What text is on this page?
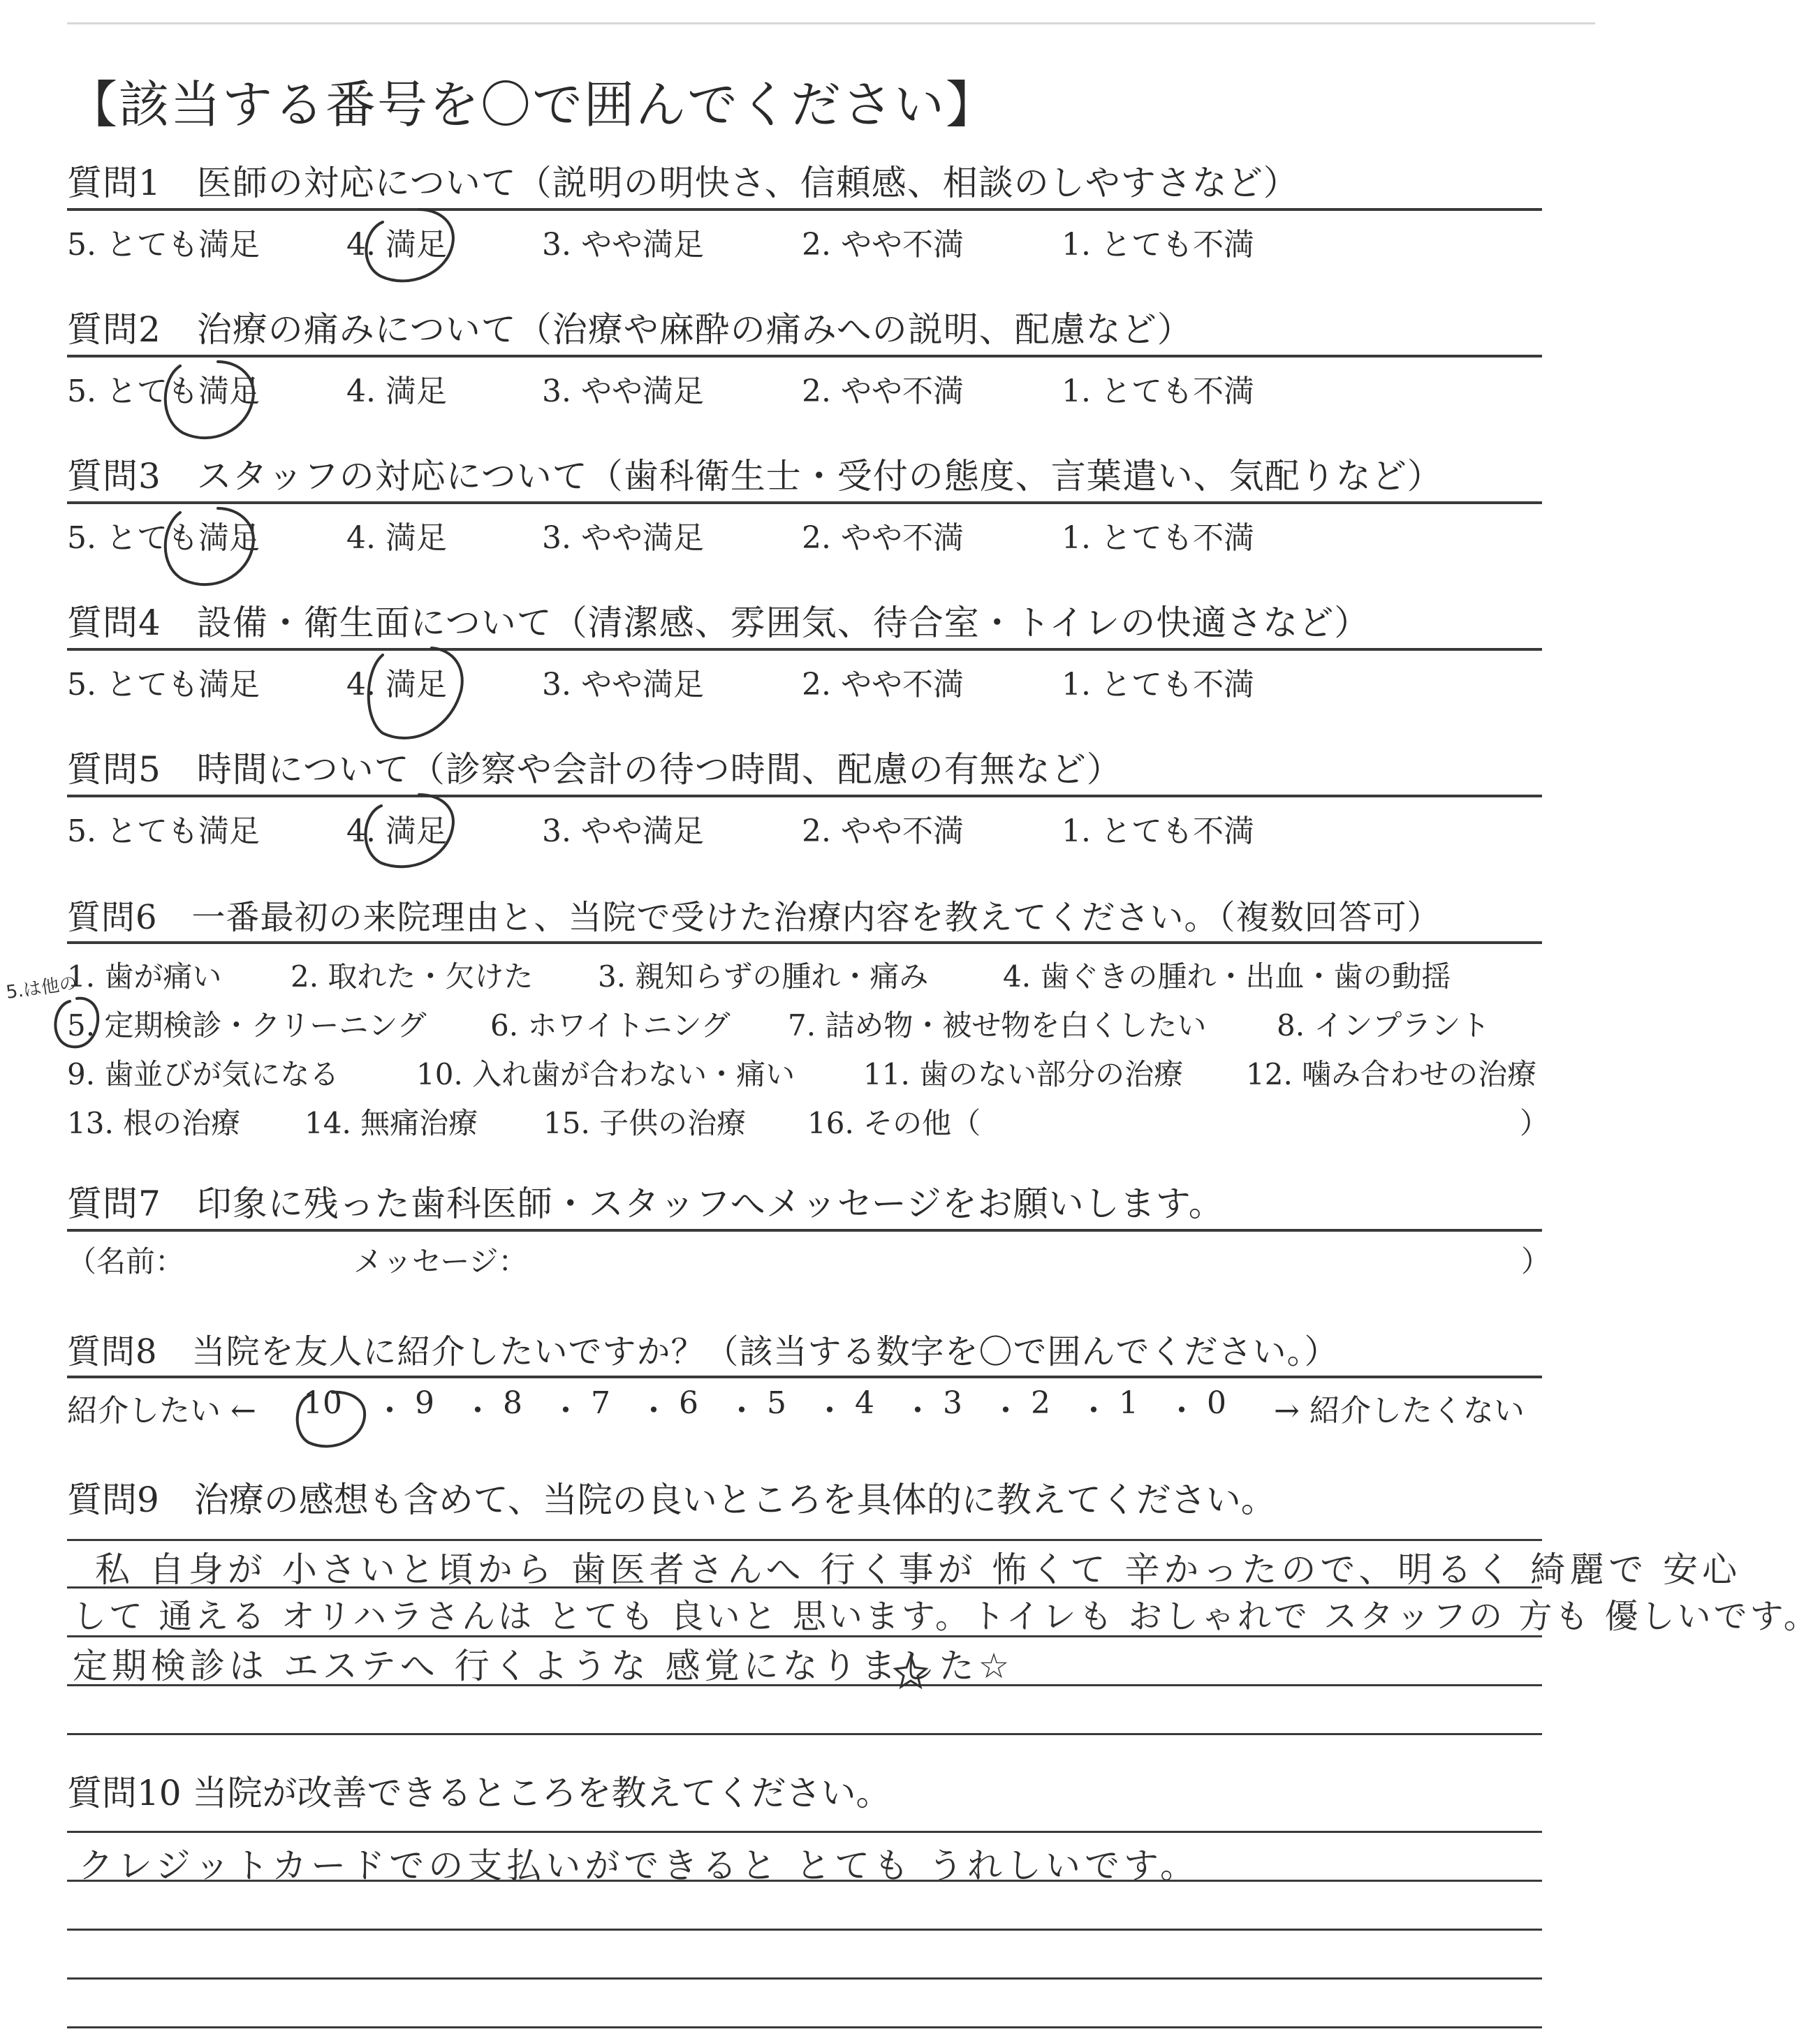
【該当する番号を〇で囲んでください】
質問1　医師の対応について（説明の明快さ、信頼感、相談のしやすさなど）
5. とても満足	4. 満足	3. やや満足	2. やや不満	1. とても不満
質問2　治療の痛みについて（治療や麻酔の痛みへの説明、配慮など）
5. とても満足	4. 満足	3. やや満足	2. やや不満	1. とても不満
質問3　スタッフの対応について（歯科衛生士・受付の態度、言葉遣い、気配りなど）
5. とても満足	4. 満足	3. やや満足	2. やや不満	1. とても不満
質問4　設備・衛生面について（清潔感、雰囲気、待合室・トイレの快適さなど）
5. とても満足	4. 満足	3. やや満足	2. やや不満	1. とても不満
質問5　時間について（診察や会計の待つ時間、配慮の有無など）
5. とても満足	4. 満足	3. やや満足	2. やや不満	1. とても不満
質問6　一番最初の来院理由と、当院で受けた治療内容を教えてください。（複数回答可）
1. 歯が痛い 2. 取れた・欠けた 3. 親知らずの腫れ・痛み	4. 歯ぐきの腫れ・出血・歯の動揺
5. 定期検診・クリーニング 6. ホワイトニング 7. 詰め物・被せ物を白くしたい 8. インプラント
9. 歯並びが気になる	10. 入れ歯が合わない・痛い 11. 歯のない部分の治療 12. 噛み合わせの治療
13. 根の治療 14. 無痛治療 15. 子供の治療 16. その他（	）
5.は他の
質問7　印象に残った歯科医師・スタッフへメッセージをお願いします。
（名前：	メッセージ：	）
質問8　当院を友人に紹介したいですか？（該当する数字を〇で囲んでください。）
紹介したい ← 10 ・ 9 ・ 8 ・ 7 ・ 6 ・ 5 ・ 4 ・ 3 ・ 2 ・ 1 ・ 0 → 紹介したくない
質問9　治療の感想も含めて、当院の良いところを具体的に教えてください。
私 自身が 小さいと頃から 歯医者さんへ 行く事が 怖くて 辛かったので、明るく 綺麗で 安心
して 通える オリハラさんは とても 良いと 思います。トイレも おしゃれで スタッフの 方も 優しいです。
定期検診は エステへ 行くような 感覚になりました☆
質問10 当院が改善できるところを教えてください。
クレジットカードでの支払いができると とても うれしいです。
